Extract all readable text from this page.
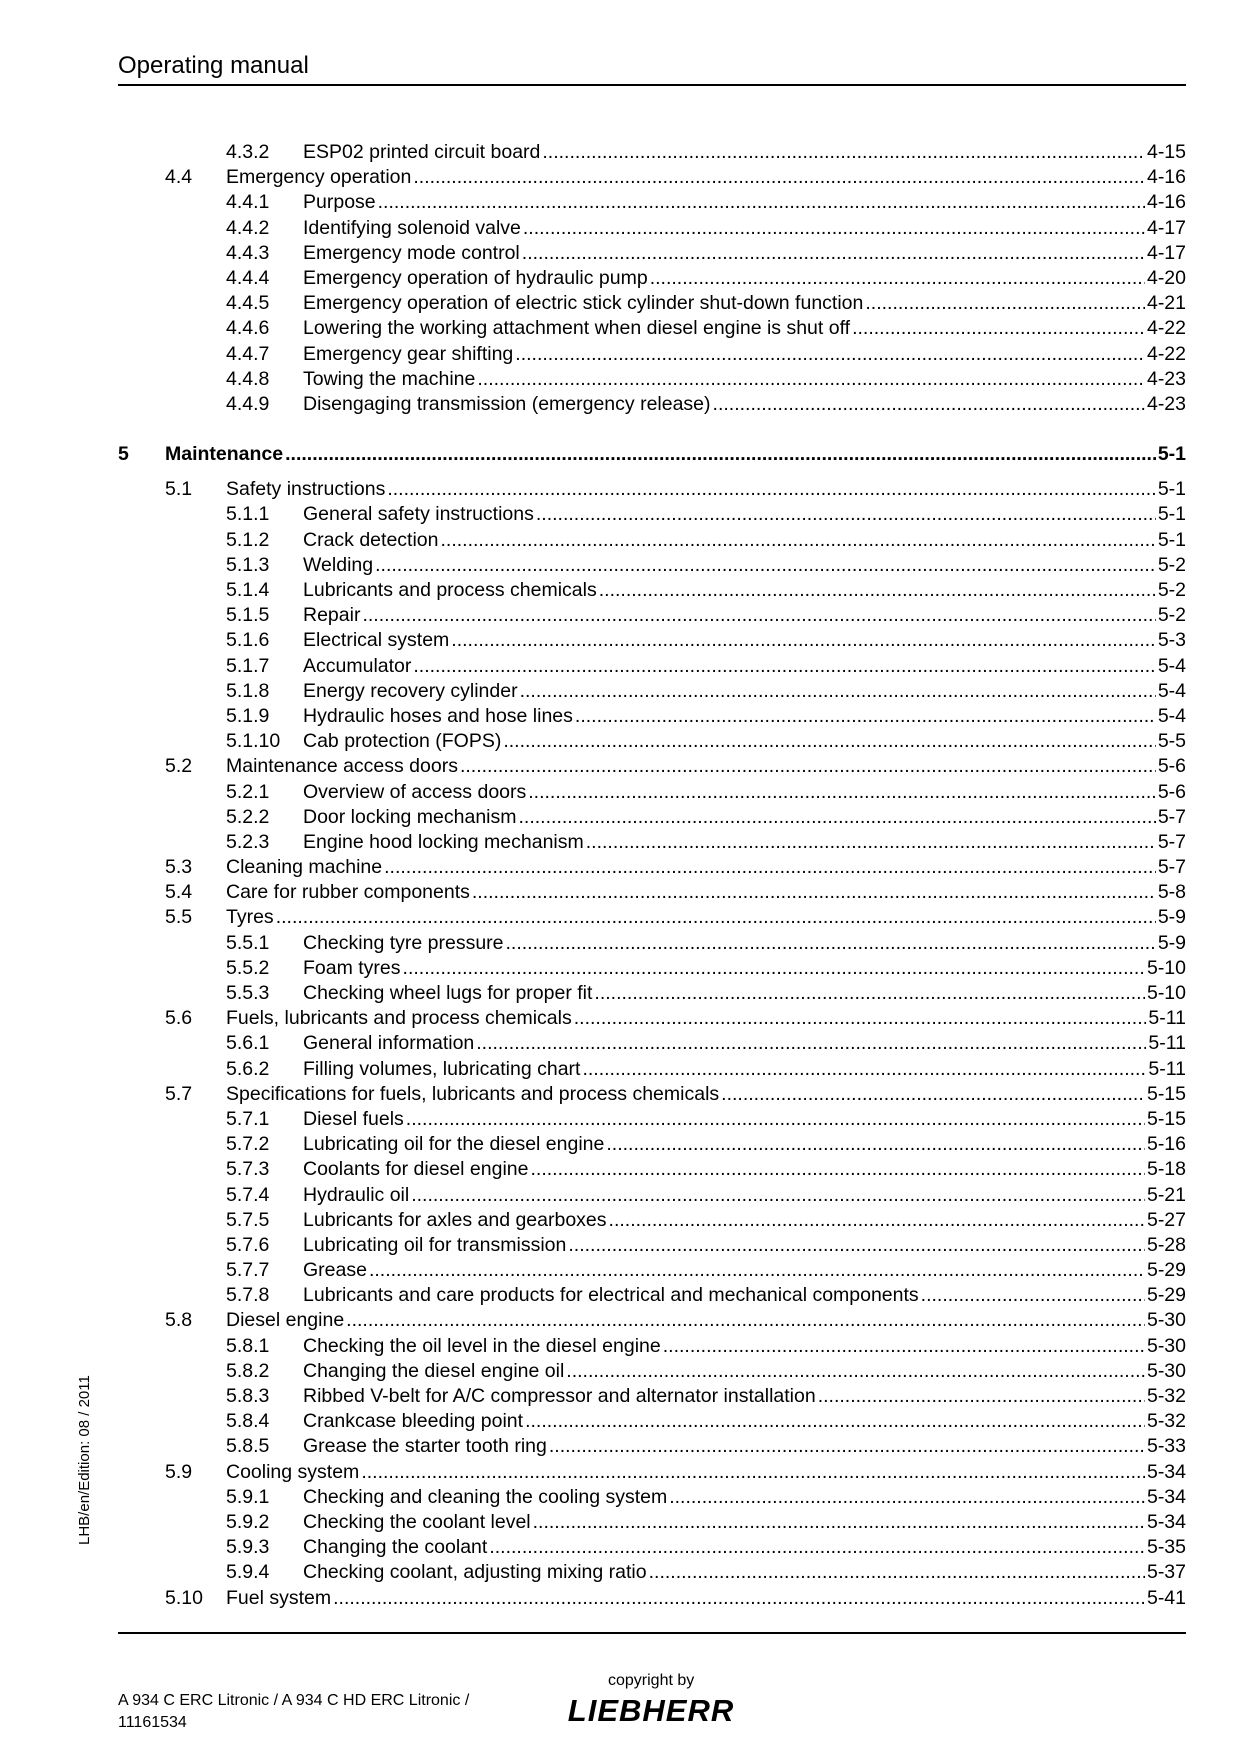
Operating manual
4.3.2 ESP02 printed circuit board .....	4-15
4.4 Emergency operation .....	4-16
4.4.1 Purpose .....	4-16
4.4.2 Identifying solenoid valve .....	4-17
4.4.3 Emergency mode control .....	4-17
4.4.4 Emergency operation of hydraulic pump .....	4-20
4.4.5 Emergency operation of electric stick cylinder shut-down function .....	4-21
4.4.6 Lowering the working attachment when diesel engine is shut off .....	4-22
4.4.7 Emergency gear shifting .....	4-22
4.4.8 Towing the machine .....	4-23
4.4.9 Disengaging transmission (emergency release) .....	4-23
5 Maintenance .....	5-1
5.1 Safety instructions .....	5-1
5.1.1 General safety instructions .....	5-1
5.1.2 Crack detection .....	5-1
5.1.3 Welding .....	5-2
5.1.4 Lubricants and process chemicals .....	5-2
5.1.5 Repair .....	5-2
5.1.6 Electrical system .....	5-3
5.1.7 Accumulator .....	5-4
5.1.8 Energy recovery cylinder .....	5-4
5.1.9 Hydraulic hoses and hose lines .....	5-4
5.1.10 Cab protection (FOPS) .....	5-5
5.2 Maintenance access doors .....	5-6
5.2.1 Overview of access doors .....	5-6
5.2.2 Door locking mechanism .....	5-7
5.2.3 Engine hood locking mechanism .....	5-7
5.3 Cleaning machine .....	5-7
5.4 Care for rubber components .....	5-8
5.5 Tyres .....	5-9
5.5.1 Checking tyre pressure .....	5-9
5.5.2 Foam tyres .....	5-10
5.5.3 Checking wheel lugs for proper fit .....	5-10
5.6 Fuels, lubricants and process chemicals .....	5-11
5.6.1 General information .....	5-11
5.6.2 Filling volumes, lubricating chart .....	5-11
5.7 Specifications for fuels, lubricants and process chemicals .....	5-15
5.7.1 Diesel fuels .....	5-15
5.7.2 Lubricating oil for the diesel engine .....	5-16
5.7.3 Coolants for diesel engine .....	5-18
5.7.4 Hydraulic oil .....	5-21
5.7.5 Lubricants for axles and gearboxes .....	5-27
5.7.6 Lubricating oil for transmission .....	5-28
5.7.7 Grease .....	5-29
5.7.8 Lubricants and care products for electrical and mechanical components .....	5-29
5.8 Diesel engine .....	5-30
5.8.1 Checking the oil level in the diesel engine .....	5-30
5.8.2 Changing the diesel engine oil .....	5-30
5.8.3 Ribbed V-belt for A/C compressor and alternator installation .....	5-32
5.8.4 Crankcase bleeding point .....	5-32
5.8.5 Grease the starter tooth ring .....	5-33
5.9 Cooling system .....	5-34
5.9.1 Checking and cleaning the cooling system .....	5-34
5.9.2 Checking the coolant level .....	5-34
5.9.3 Changing the coolant .....	5-35
5.9.4 Checking coolant, adjusting mixing ratio .....	5-37
5.10 Fuel system .....	5-41
LHB/en/Edition: 08 / 2011
A 934 C ERC Litronic / A 934 C HD ERC Litronic /
11161534
copyright by
LIEBHERR
